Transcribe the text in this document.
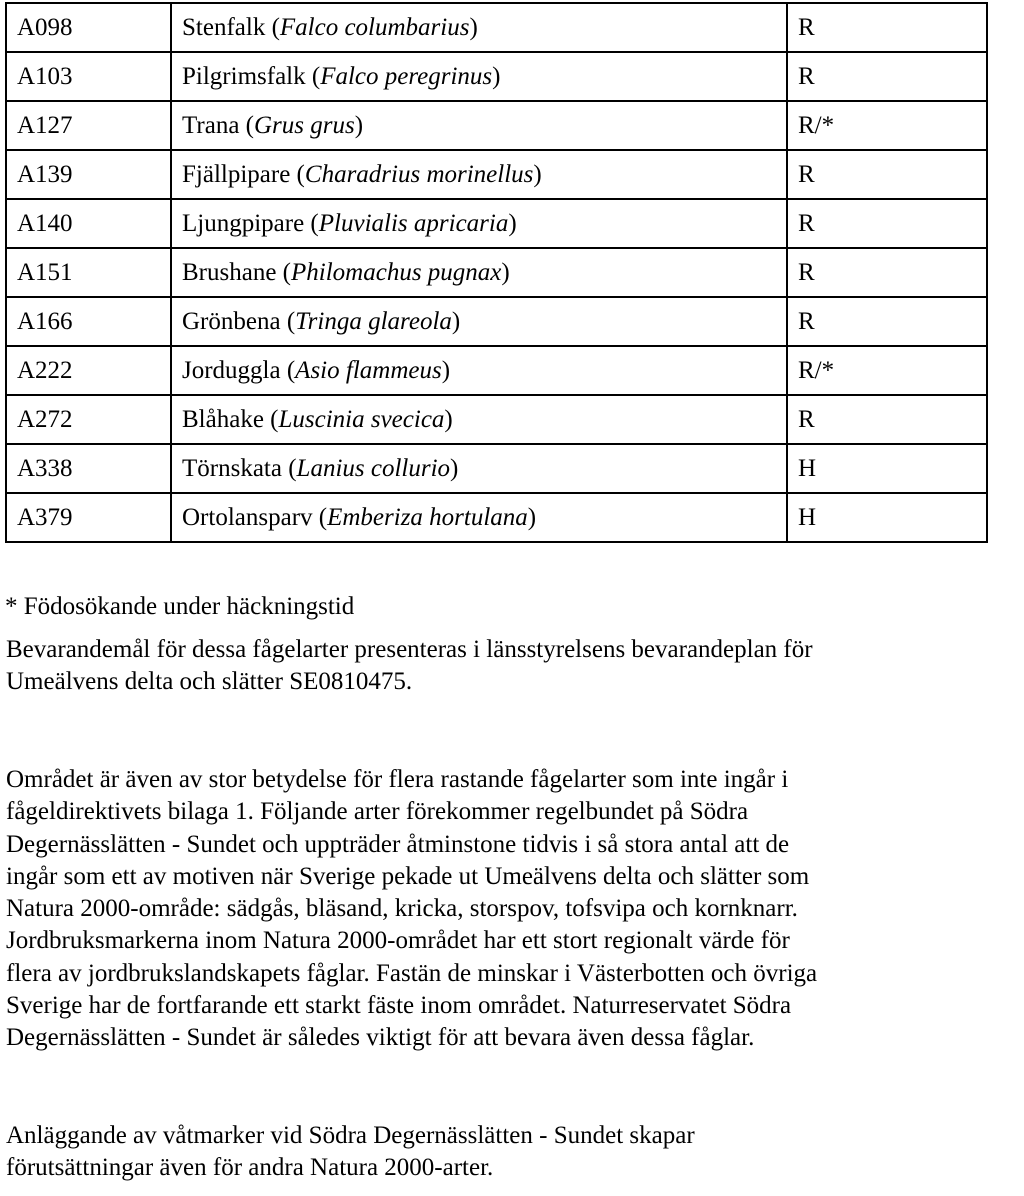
A098	Stenfalk (Falco columbarius)	R
A103	Pilgrimsfalk (Falco peregrinus)	R
A127	Trana (Grus grus)	R/*
A139	Fjällpipare (Charadrius morinellus)	R
A140	Ljungpipare (Pluvialis apricaria)	R
A151	Brushane (Philomachus pugnax)	R
A166	Grönbena (Tringa glareola)	R
A222	Jorduggla (Asio flammeus)	R/*
A272	Blåhake (Luscinia svecica)	R
A338	Törnskata (Lanius collurio)	H
A379	Ortolansparv (Emberiza hortulana)	H
* Födosökande under häckningstid

Bevarandemål för dessa fågelarter presenteras i länsstyrelsens bevarandeplan för
Umeälvens delta och slätter SE0810475.

Området är även av stor betydelse för flera rastande fågelarter som inte ingår i
fågeldirektivets bilaga 1. Följande arter förekommer regelbundet på Södra
Degernässlätten - Sundet och uppträder åtminstone tidvis i så stora antal att de
ingår som ett av motiven när Sverige pekade ut Umeälvens delta och slätter som
Natura 2000-område: sädgås, bläsand, kricka, storspov, tofsvipa och kornknarr.
Jordbruksmarkerna inom Natura 2000-området har ett stort regionalt värde för
flera av jordbrukslandskapets fåglar. Fastän de minskar i Västerbotten och övriga
Sverige har de fortfarande ett starkt fäste inom området. Naturreservatet Södra
Degernässlätten - Sundet är således viktigt för att bevara även dessa fåglar.

Anläggande av våtmarker vid Södra Degernässlätten - Sundet skapar
förutsättningar även för andra Natura 2000-arter.
